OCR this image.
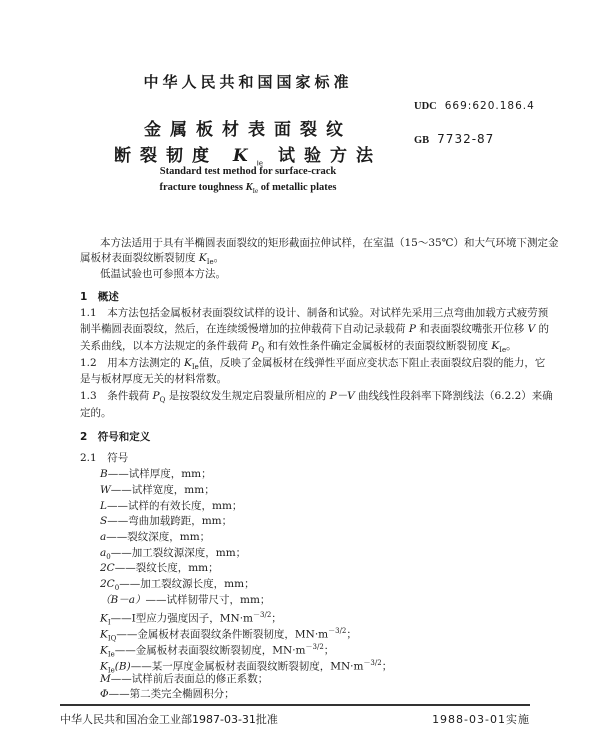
中华人民共和国国家标准
金属板材表面裂纹
断裂韧度 $K_{Ie}$ 试验方法
UDC 669:620.186.4
GB 7732-87
Standard test method for surface-crack
fracture toughness $K_{Ie}$ of metallic plates
本方法适用于具有半椭圆表面裂纹的矩形截面拉伸试样，在室温（15～35℃）和大气环境下测定金
属板材表面裂纹断裂韧度 $K_{Ie}$。
低温试验也可参照本方法。
1　概述
1.1　本方法包括金属板材表面裂纹试样的设计、制备和试验。对试样先采用三点弯曲加载方式疲劳预
制半椭圆表面裂纹，然后，在连续缓慢增加的拉伸载荷下自动记录载荷 P 和表面裂纹嘴张开位移 V 的
关系曲线，以本方法规定的条件载荷 $P_Q$ 和有效性条件确定金属板材的表面裂纹断裂韧度 $K_{Ie}$。
1.2　用本方法测定的 $K_{Ie}$值，反映了金属板材在线弹性平面应变状态下阻止表面裂纹启裂的能力，它
是与板材厚度无关的材料常数。
1.3　条件载荷 $P_Q$ 是按裂纹发生规定启裂量所相应的 P－V 曲线线性段斜率下降割线法（6.2.2）来确
定的。
2　符号和定义
2.1　符号
B——试样厚度，mm；
W——试样宽度，mm；
L——试样的有效长度，mm；
S——弯曲加载跨距，mm；
a——裂纹深度，mm；
$a_0——$加工裂纹源深度，mm；
2C——裂纹长度，mm；
$2C_0——$加工裂纹源长度，mm；
（B－a）——试样韧带尺寸，mm；
$K_I——Ⅰ$型应力强度因子，$MN\cdot m^{-3/2}$；
$K_{IQ}——$金属板材表面裂纹条件断裂韧度，$MN\cdot m^{-3/2}$；
$K_{Ie}——$金属板材表面裂纹断裂韧度，$MN\cdot m^{-3/2}$；
$K_{Ie}(B)——$某一厚度金属板材表面裂纹断裂韧度，$MN\cdot m^{-3/2}$；
M——试样前后表面总的修正系数；
Φ——第二类完全椭圆积分；
中华人民共和国冶金工业部1987-03-31批准	1988-03-01实施
